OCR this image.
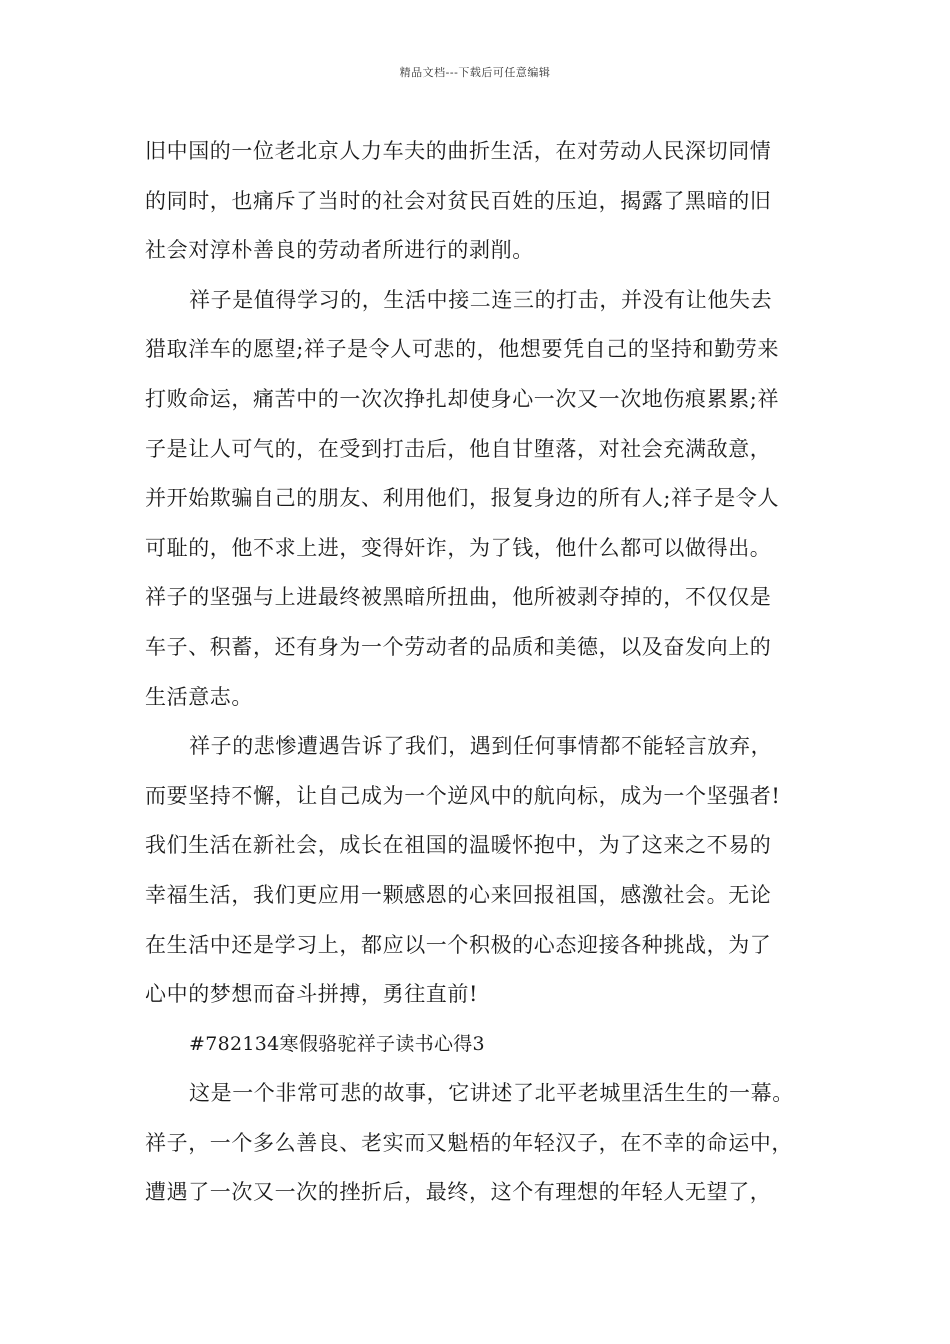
精品文档---下载后可任意编辑
旧中国的一位老北京人力车夫的曲折生活，在对劳动人民深切同情
的同时，也痛斥了当时的社会对贫民百姓的压迫，揭露了黑暗的旧
社会对淳朴善良的劳动者所进行的剥削。
祥子是值得学习的，生活中接二连三的打击，并没有让他失去
猎取洋车的愿望;祥子是令人可悲的，他想要凭自己的坚持和勤劳来
打败命运，痛苦中的一次次挣扎却使身心一次又一次地伤痕累累;祥
子是让人可气的，在受到打击后，他自甘堕落，对社会充满敌意，
并开始欺骗自己的朋友、利用他们，报复身边的所有人;祥子是令人
可耻的，他不求上进，变得奸诈，为了钱，他什么都可以做得出。
祥子的坚强与上进最终被黑暗所扭曲，他所被剥夺掉的，不仅仅是
车子、积蓄，还有身为一个劳动者的品质和美德，以及奋发向上的
生活意志。
祥子的悲惨遭遇告诉了我们，遇到任何事情都不能轻言放弃，
而要坚持不懈，让自己成为一个逆风中的航向标，成为一个坚强者!
我们生活在新社会，成长在祖国的温暖怀抱中，为了这来之不易的
幸福生活，我们更应用一颗感恩的心来回报祖国，感激社会。无论
在生活中还是学习上，都应以一个积极的心态迎接各种挑战，为了
心中的梦想而奋斗拼搏，勇往直前!
#782134寒假骆驼祥子读书心得3
这是一个非常可悲的故事，它讲述了北平老城里活生生的一幕。
祥子，一个多么善良、老实而又魁梧的年轻汉子，在不幸的命运中，
遭遇了一次又一次的挫折后，最终，这个有理想的年轻人无望了，
